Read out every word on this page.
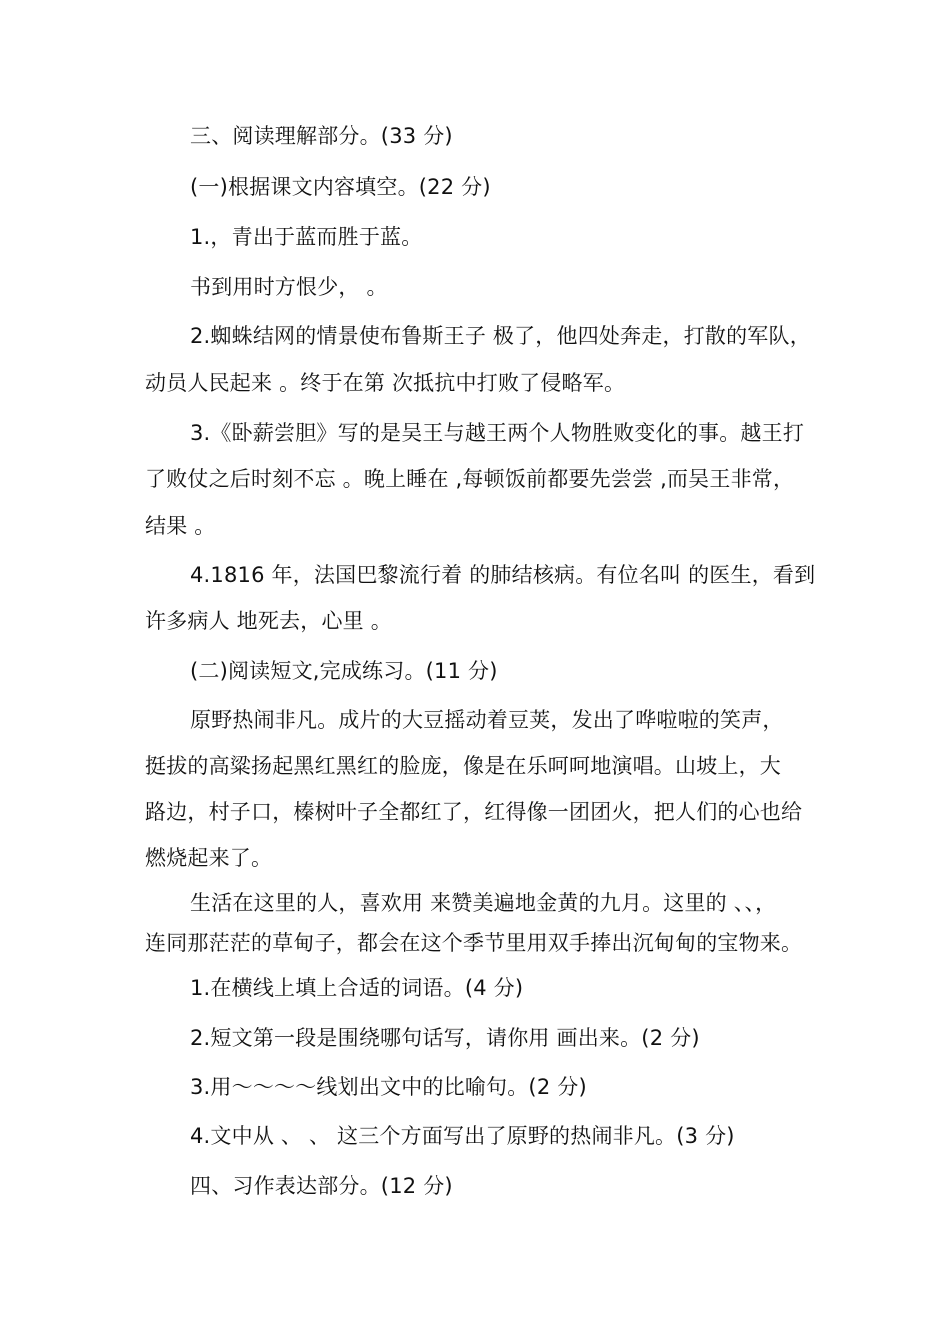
三、阅读理解部分。(33 分)
(一)根据课文内容填空。(22 分)
1.，青出于蓝而胜于蓝。
书到用时方恨少， 。
2.蜘蛛结网的情景使布鲁斯王子 极了，他四处奔走，打散的军队，
动员人民起来 。终于在第 次抵抗中打败了侵略军。
3.《卧薪尝胆》写的是吴王与越王两个人物胜败变化的事。越王打
了败仗之后时刻不忘 。晚上睡在 ,每顿饭前都要先尝尝 ,而吴王非常，
结果 。
4.1816 年，法国巴黎流行着 的肺结核病。有位名叫 的医生，看到
许多病人 地死去，心里 。
(二)阅读短文,完成练习。(11 分)
原野热闹非凡。成片的大豆摇动着豆荚，发出了哗啦啦的笑声，
挺拔的高粱扬起黑红黑红的脸庞，像是在乐呵呵地演唱。山坡上，大
路边，村子口，榛树叶子全都红了，红得像一团团火，把人们的心也给
燃烧起来了。
生活在这里的人，喜欢用 来赞美遍地金黄的九月。这里的 、、，
连同那茫茫的草甸子，都会在这个季节里用双手捧出沉甸甸的宝物来。
1.在横线上填上合适的词语。(4 分)
2.短文第一段是围绕哪句话写，请你用 画出来。(2 分)
3.用～～～～线划出文中的比喻句。(2 分)
4.文中从 、 、 这三个方面写出了原野的热闹非凡。(3 分)
四、习作表达部分。(12 分)
